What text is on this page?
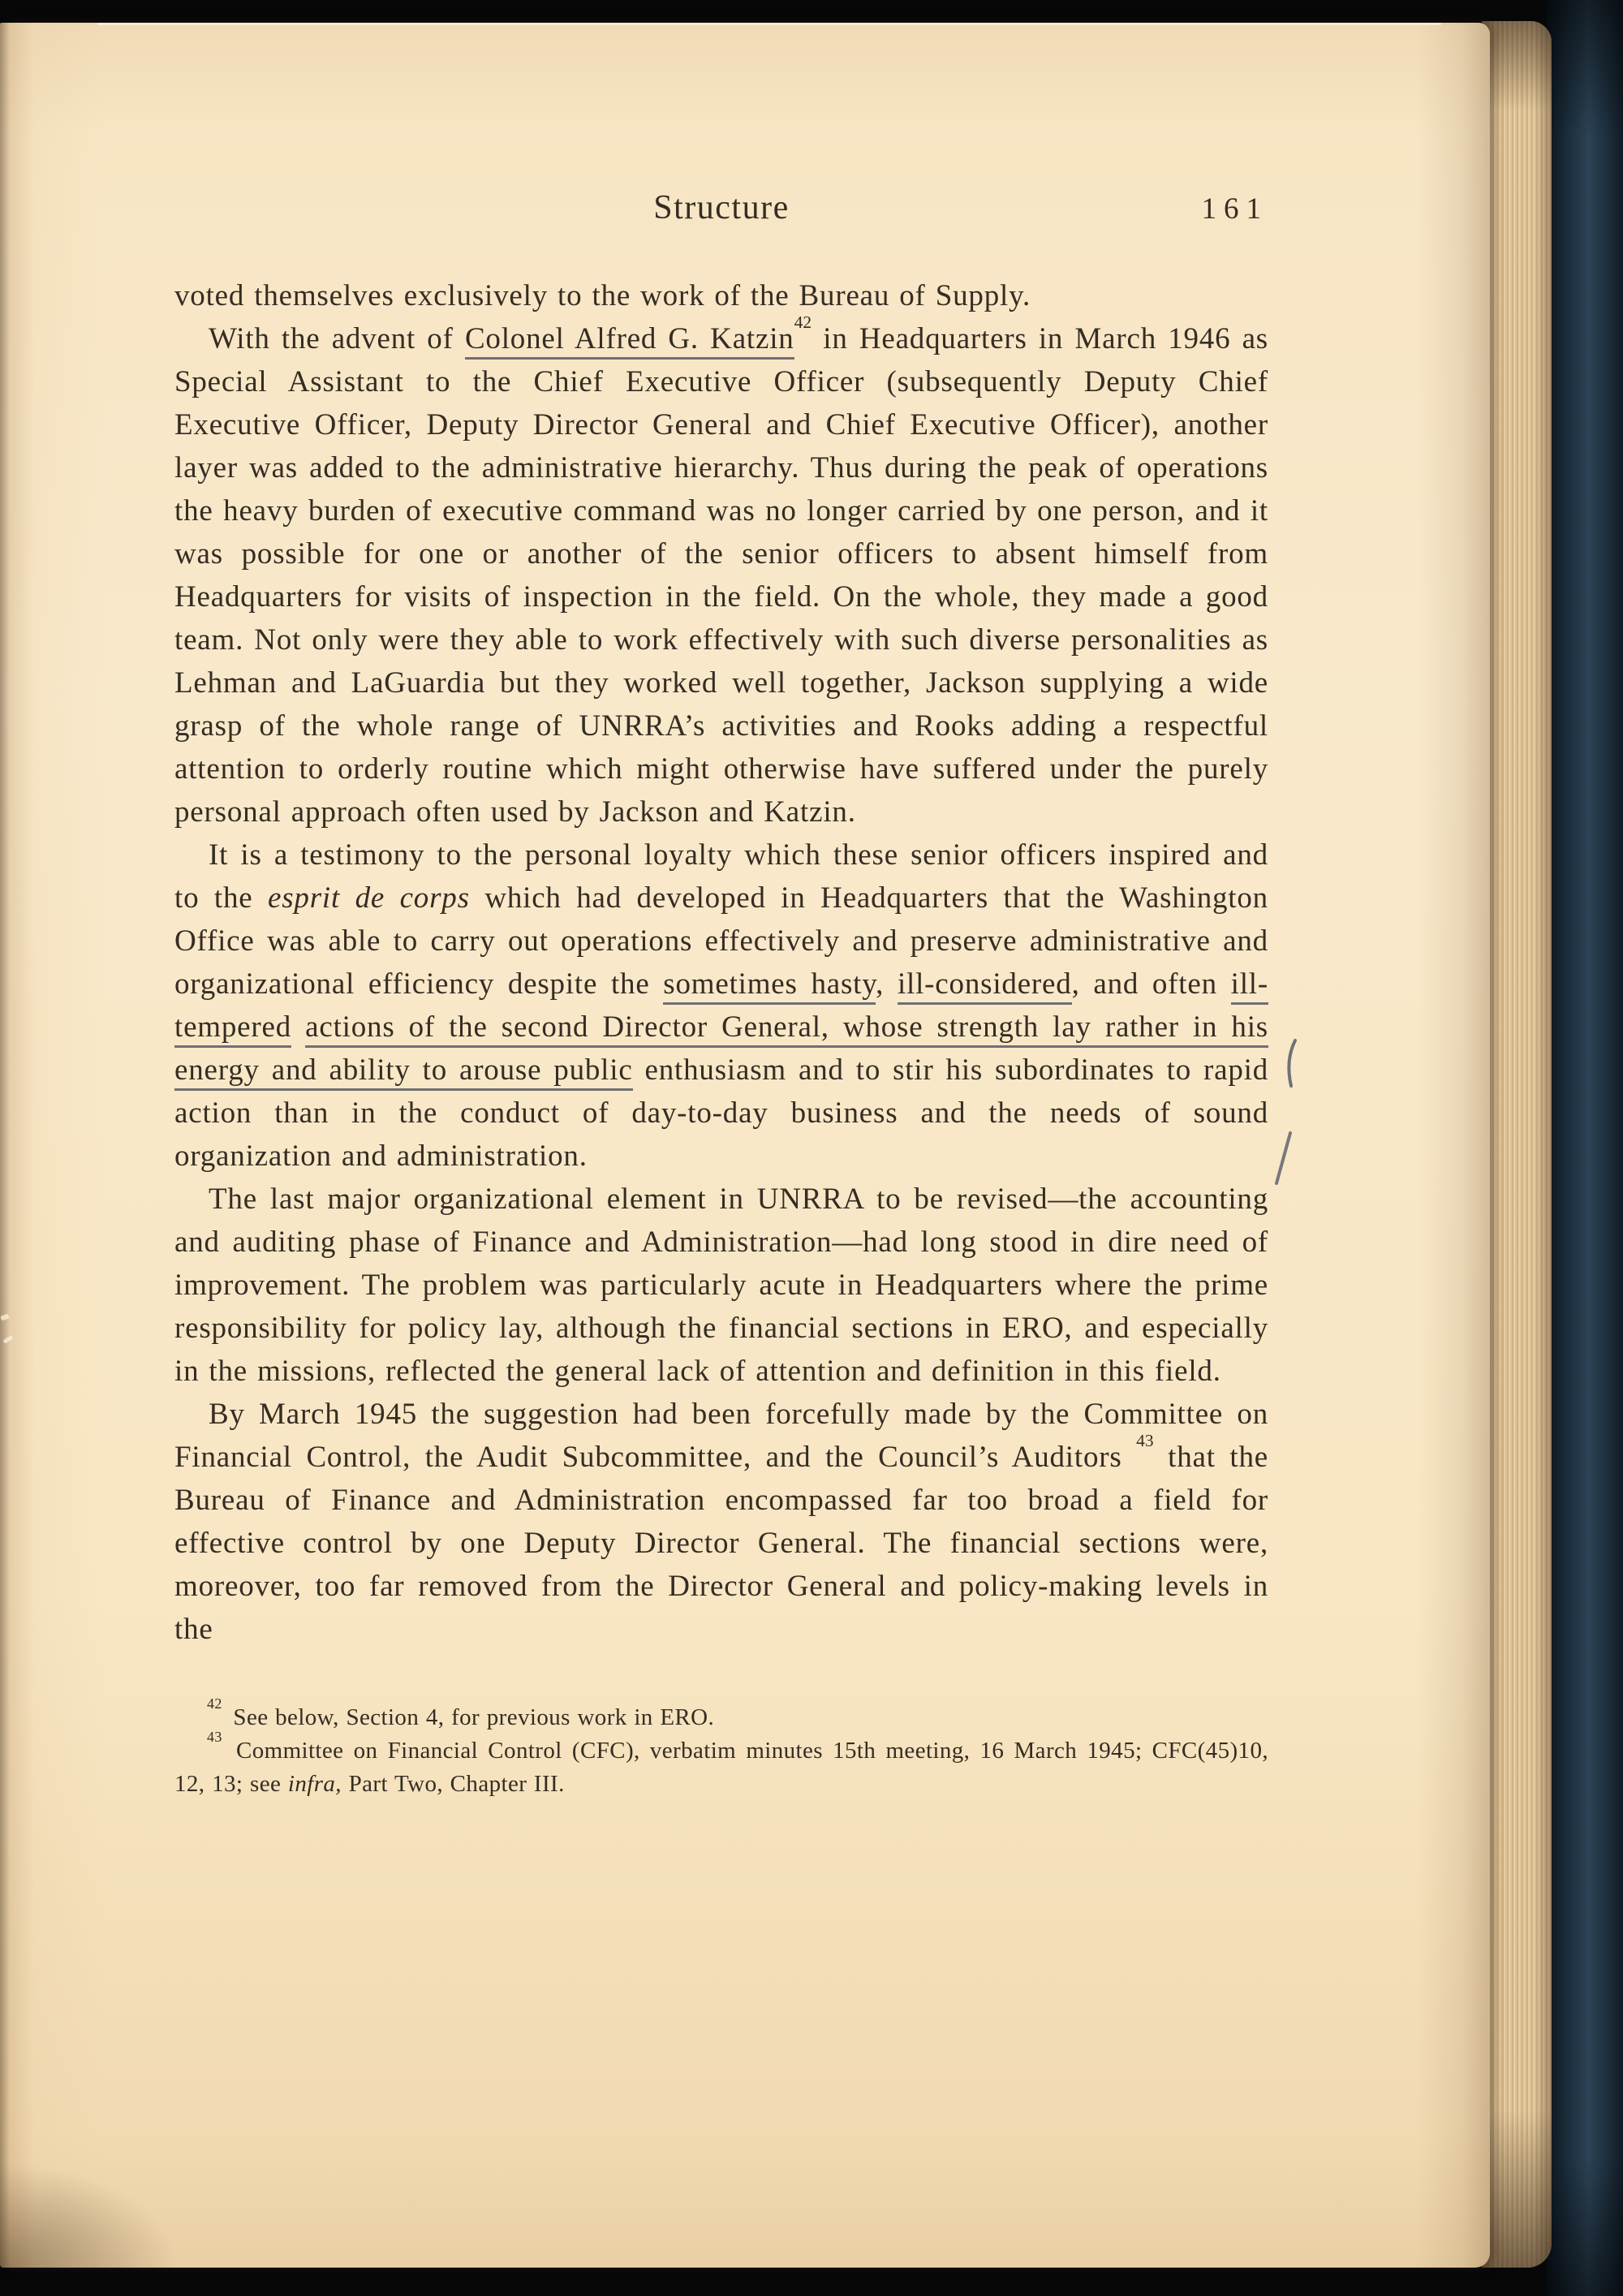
Structure	161

voted themselves exclusively to the work of the Bureau of Supply.

With the advent of Colonel Alfred G. Katzin$^{42}$ in Headquarters in March 1946 as Special Assistant to the Chief Executive Officer (subsequently Deputy Chief Executive Officer, Deputy Director General and Chief Executive Officer), another layer was added to the administrative hierarchy. Thus during the peak of operations the heavy burden of executive command was no longer carried by one person, and it was possible for one or another of the senior officers to absent himself from Headquarters for visits of inspection in the field. On the whole, they made a good team. Not only were they able to work effectively with such diverse personalities as Lehman and LaGuardia but they worked well together, Jackson supplying a wide grasp of the whole range of UNRRA’s activities and Rooks adding a respectful attention to orderly routine which might otherwise have suffered under the purely personal approach often used by Jackson and Katzin.

It is a testimony to the personal loyalty which these senior officers inspired and to the esprit de corps which had developed in Headquarters that the Washington Office was able to carry out operations effectively and preserve administrative and organizational efficiency despite the sometimes hasty, ill-considered, and often ill-tempered actions of the second Director General, whose strength lay rather in his energy and ability to arouse public enthusiasm and to stir his subordinates to rapid action than in the conduct of day-to-day business and the needs of sound organization and administration.

The last major organizational element in UNRRA to be revised—the accounting and auditing phase of Finance and Administration—had long stood in dire need of improvement. The problem was particularly acute in Headquarters where the prime responsibility for policy lay, although the financial sections in ERO, and especially in the missions, reflected the general lack of attention and definition in this field.

By March 1945 the suggestion had been forcefully made by the Committee on Financial Control, the Audit Subcommittee, and the Council’s Auditors $^{43}$ that the Bureau of Finance and Administration encompassed far too broad a field for effective control by one Deputy Director General. The financial sections were, moreover, too far removed from the Director General and policy-making levels in the

$^{42}$ See below, Section 4, for previous work in ERO.

$^{43}$ Committee on Financial Control (CFC), verbatim minutes 15th meeting, 16 March 1945; CFC(45)10, 12, 13; see infra, Part Two, Chapter III.
